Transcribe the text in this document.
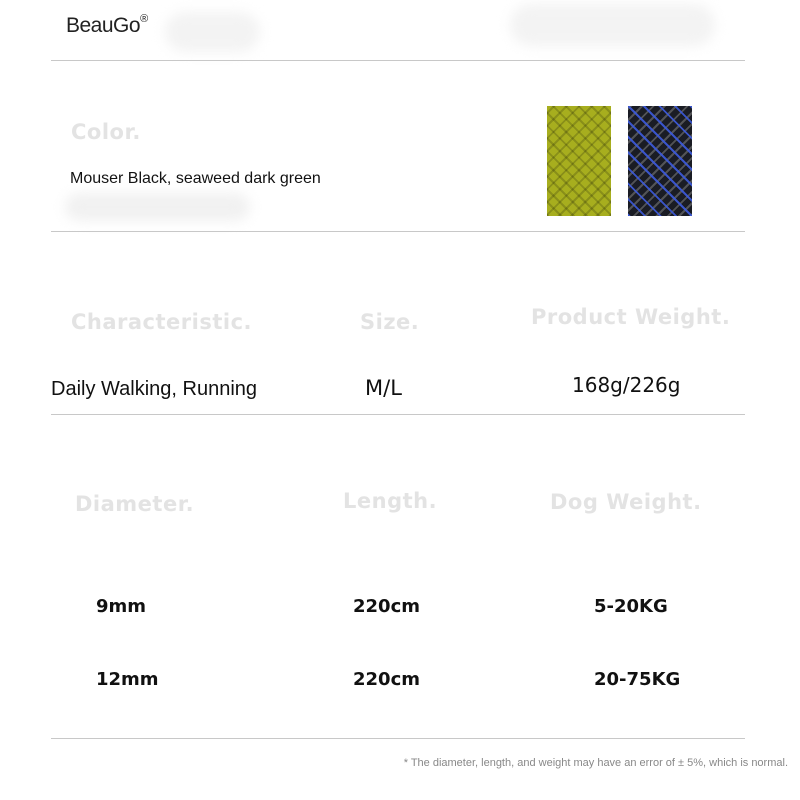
BeauGo®
Color.
Mouser Black, seaweed dark green
Characteristic.	Size.	Product Weight.
Daily Walking, Running	M/L	168g/226g
Diameter.	Length.	Dog Weight.
9mm	220cm	5-20KG
12mm	220cm	20-75KG
* The diameter, length, and weight may have an error of ± 5%, which is normal.
